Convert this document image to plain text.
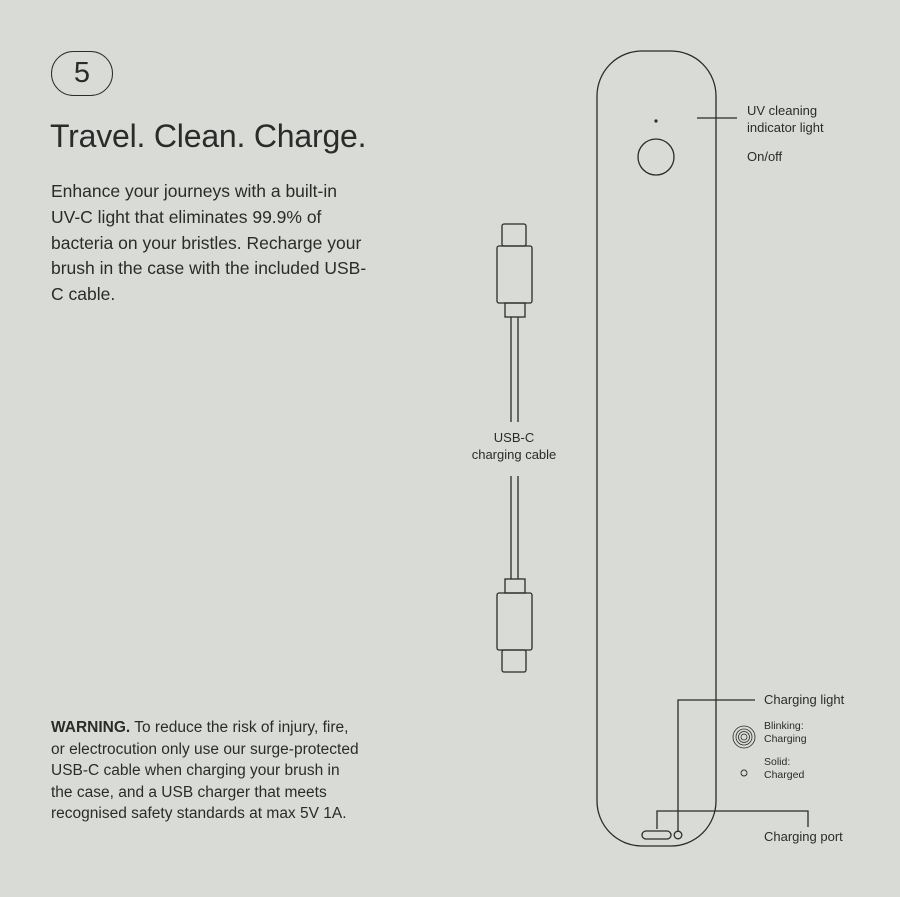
5
Travel. Clean. Charge.

Enhance your journeys with a built-in UV-C light that eliminates 99.9% of bacteria on your bristles. Recharge your brush in the case with the included USB-C cable.

WARNING. To reduce the risk of injury, fire, or electrocution only use our surge-protected USB-C cable when charging your brush in the case, and a USB charger that meets recognised safety standards at max 5V 1A.

USB-C
charging cable
UV cleaning
indicator light
On/off
Charging light
Blinking:
Charging
Solid:
Charged
Charging port
